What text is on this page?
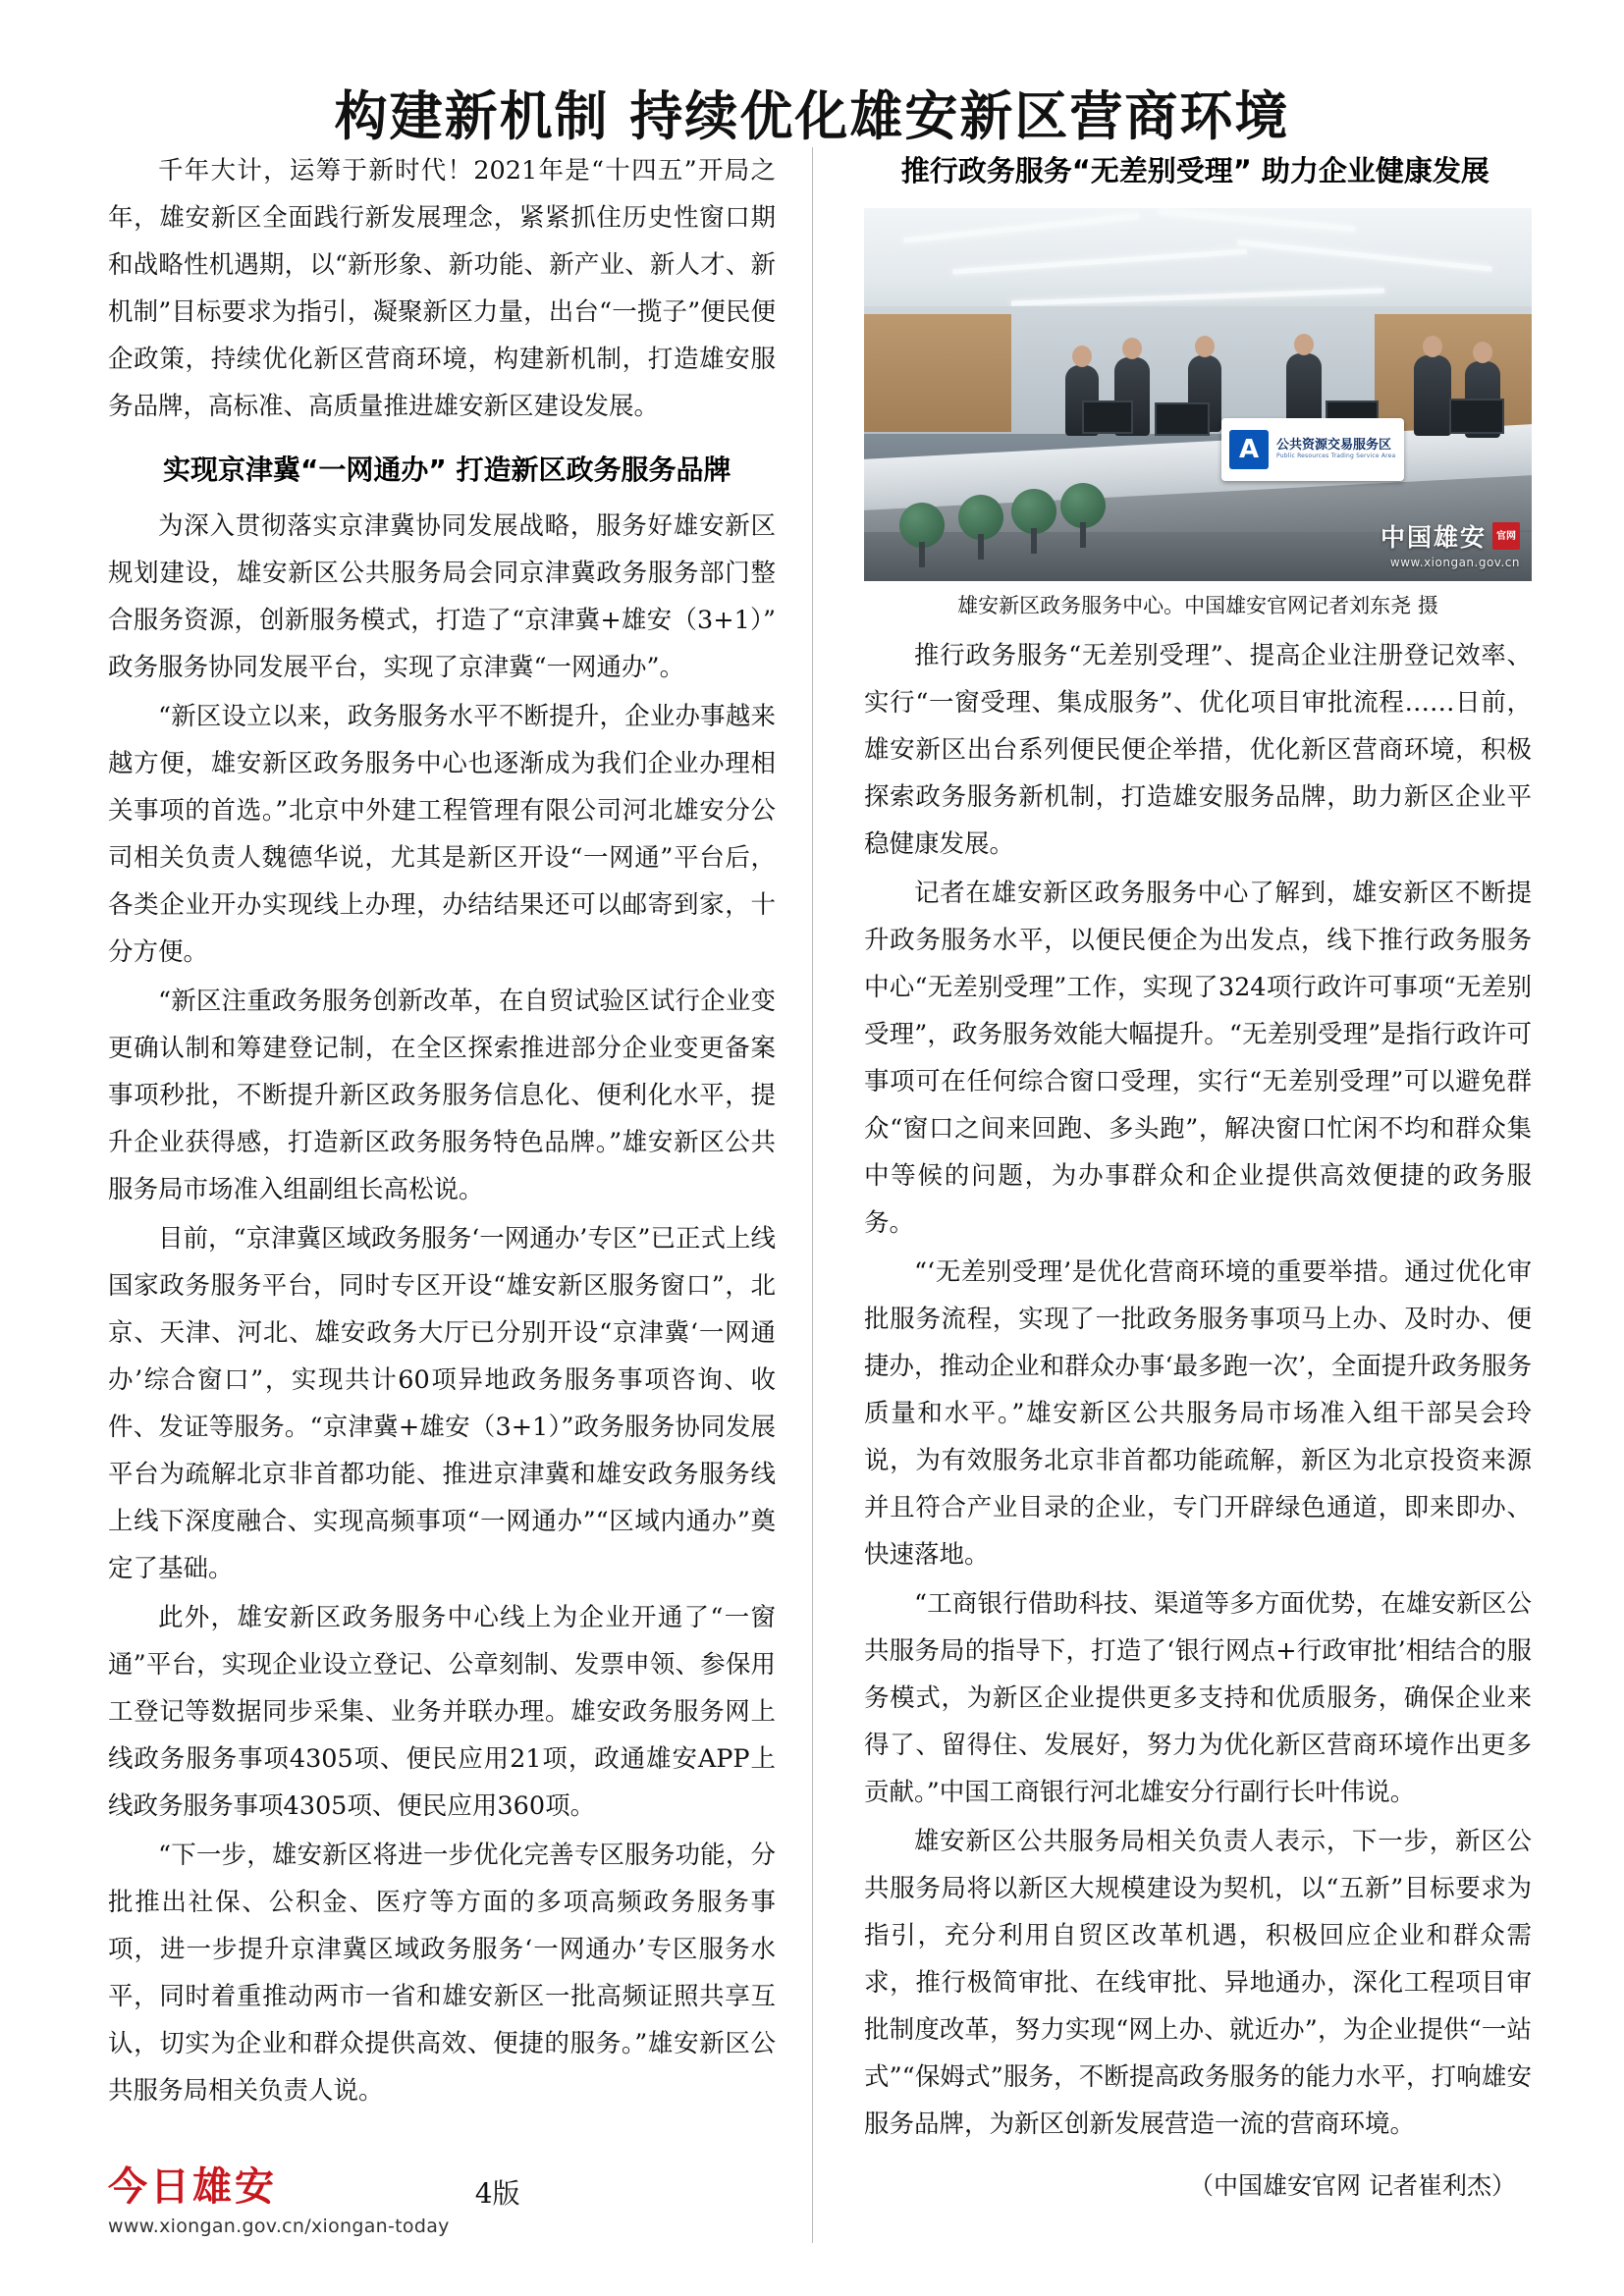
构建新机制 持续优化雄安新区营商环境

千年大计，运筹于新时代！2021年是“十四五”开局之年，雄安新区全面践行新发展理念，紧紧抓住历史性窗口期和战略性机遇期，以“新形象、新功能、新产业、新人才、新机制”目标要求为指引，凝聚新区力量，出台“一揽子”便民便企政策，持续优化新区营商环境，构建新机制，打造雄安服务品牌，高标准、高质量推进雄安新区建设发展。

实现京津冀“一网通办” 打造新区政务服务品牌

为深入贯彻落实京津冀协同发展战略，服务好雄安新区规划建设，雄安新区公共服务局会同京津冀政务服务部门整合服务资源，创新服务模式，打造了“京津冀+雄安（3+1）”政务服务协同发展平台，实现了京津冀“一网通办”。

“新区设立以来，政务服务水平不断提升，企业办事越来越方便，雄安新区政务服务中心也逐渐成为我们企业办理相关事项的首选。”北京中外建工程管理有限公司河北雄安分公司相关负责人魏德华说，尤其是新区开设“一网通”平台后，各类企业开办实现线上办理，办结结果还可以邮寄到家，十分方便。

“新区注重政务服务创新改革，在自贸试验区试行企业变更确认制和筹建登记制，在全区探索推进部分企业变更备案事项秒批，不断提升新区政务服务信息化、便利化水平，提升企业获得感，打造新区政务服务特色品牌。”雄安新区公共服务局市场准入组副组长高松说。

目前，“京津冀区域政务服务‘一网通办’专区”已正式上线国家政务服务平台，同时专区开设“雄安新区服务窗口”，北京、天津、河北、雄安政务大厅已分别开设“京津冀‘一网通办’综合窗口”，实现共计60项异地政务服务事项咨询、收件、发证等服务。“京津冀+雄安（3+1）”政务服务协同发展平台为疏解北京非首都功能、推进京津冀和雄安政务服务线上线下深度融合、实现高频事项“一网通办”“区域内通办”奠定了基础。

此外，雄安新区政务服务中心线上为企业开通了“一窗通”平台，实现企业设立登记、公章刻制、发票申领、参保用工登记等数据同步采集、业务并联办理。雄安政务服务网上线政务服务事项4305项、便民应用21项，政通雄安APP上线政务服务事项4305项、便民应用360项。

“下一步，雄安新区将进一步优化完善专区服务功能，分批推出社保、公积金、医疗等方面的多项高频政务服务事项，进一步提升京津冀区域政务服务‘一网通办’专区服务水平，同时着重推动两市一省和雄安新区一批高频证照共享互认，切实为企业和群众提供高效、便捷的服务。”雄安新区公共服务局相关负责人说。

推行政务服务“无差别受理” 助力企业健康发展
A	公共资源交易服务区
Public Resources Trading Service Area
中国雄安	官网
www.xiongan.gov.cn
雄安新区政务服务中心。中国雄安官网记者刘东尧 摄

推行政务服务“无差别受理”、提高企业注册登记效率、实行“一窗受理、集成服务”、优化项目审批流程……日前，雄安新区出台系列便民便企举措，优化新区营商环境，积极探索政务服务新机制，打造雄安服务品牌，助力新区企业平稳健康发展。

记者在雄安新区政务服务中心了解到，雄安新区不断提升政务服务水平，以便民便企为出发点，线下推行政务服务中心“无差别受理”工作，实现了324项行政许可事项“无差别受理”，政务服务效能大幅提升。“无差别受理”是指行政许可事项可在任何综合窗口受理，实行“无差别受理”可以避免群众“窗口之间来回跑、多头跑”，解决窗口忙闲不均和群众集中等候的问题，为办事群众和企业提供高效便捷的政务服务。

“‘无差别受理’是优化营商环境的重要举措。通过优化审批服务流程，实现了一批政务服务事项马上办、及时办、便捷办，推动企业和群众办事‘最多跑一次’，全面提升政务服务质量和水平。”雄安新区公共服务局市场准入组干部吴会玲说，为有效服务北京非首都功能疏解，新区为北京投资来源并且符合产业目录的企业，专门开辟绿色通道，即来即办、快速落地。

“工商银行借助科技、渠道等多方面优势，在雄安新区公共服务局的指导下，打造了‘银行网点+行政审批’相结合的服务模式，为新区企业提供更多支持和优质服务，确保企业来得了、留得住、发展好，努力为优化新区营商环境作出更多贡献。”中国工商银行河北雄安分行副行长叶伟说。

雄安新区公共服务局相关负责人表示，下一步，新区公共服务局将以新区大规模建设为契机，以“五新”目标要求为指引，充分利用自贸区改革机遇，积极回应企业和群众需求，推行极简审批、在线审批、异地通办，深化工程项目审批制度改革，努力实现“网上办、就近办”，为企业提供“一站式”“保姆式”服务，不断提高政务服务的能力水平，打响雄安服务品牌，为新区创新发展营造一流的营商环境。

（中国雄安官网 记者崔利杰）
今日雄安
www.xiongan.gov.cn/xiongan-today
4版
